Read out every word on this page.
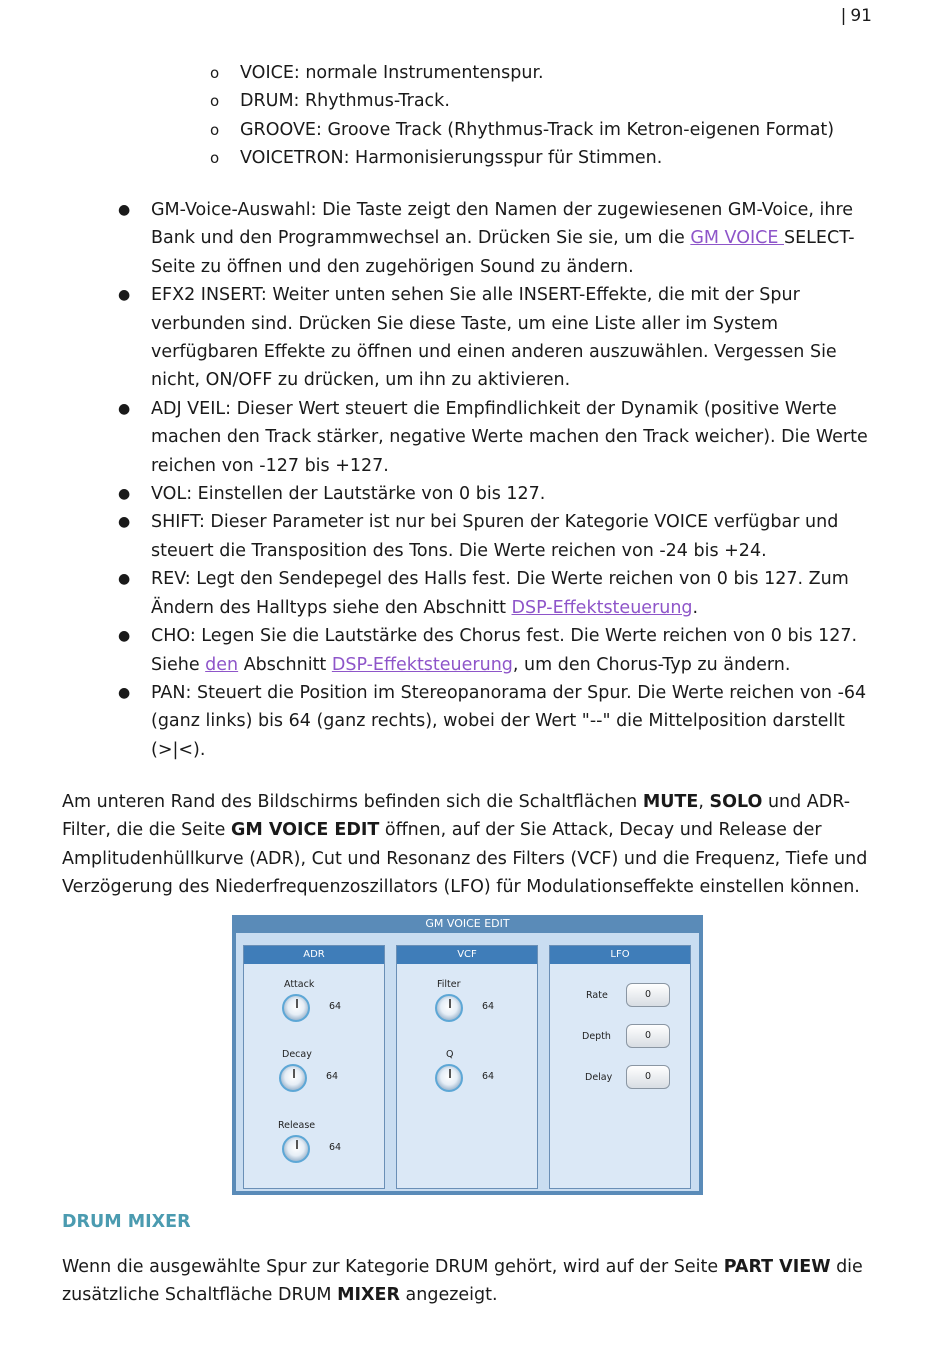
| 91
o VOICE: normale Instrumentenspur.
o DRUM: Rhythmus-Track.
o GROOVE: Groove Track (Rhythmus-Track im Ketron-eigenen Format)
o VOICETRON: Harmonisierungsspur für Stimmen.
● GM-Voice-Auswahl: Die Taste zeigt den Namen der zugewiesenen GM-Voice, ihre Bank und den Programmwechsel an. Drücken Sie sie, um die GM VOICE SELECT-Seite zu öffnen und den zugehörigen Sound zu ändern.
● EFX2 INSERT: Weiter unten sehen Sie alle INSERT-Effekte, die mit der Spur verbunden sind. Drücken Sie diese Taste, um eine Liste aller im System verfügbaren Effekte zu öffnen und einen anderen auszuwählen. Vergessen Sie nicht, ON/OFF zu drücken, um ihn zu aktivieren.
● ADJ VEIL: Dieser Wert steuert die Empfindlichkeit der Dynamik (positive Werte machen den Track stärker, negative Werte machen den Track weicher). Die Werte reichen von -127 bis +127.
● VOL: Einstellen der Lautstärke von 0 bis 127.
● SHIFT: Dieser Parameter ist nur bei Spuren der Kategorie VOICE verfügbar und steuert die Transposition des Tons. Die Werte reichen von -24 bis +24.
● REV: Legt den Sendepegel des Halls fest. Die Werte reichen von 0 bis 127. Zum Ändern des Halltyps siehe den Abschnitt DSP-Effektsteuerung.
● CHO: Legen Sie die Lautstärke des Chorus fest. Die Werte reichen von 0 bis 127. Siehe den Abschnitt DSP-Effektsteuerung, um den Chorus-Typ zu ändern.
● PAN: Steuert die Position im Stereopanorama der Spur. Die Werte reichen von -64 (ganz links) bis 64 (ganz rechts), wobei der Wert "--" die Mittelposition darstellt (>|<).

Am unteren Rand des Bildschirms befinden sich die Schaltflächen MUTE, SOLO und ADR-Filter, die die Seite GM VOICE EDIT öffnen, auf der Sie Attack, Decay und Release der Amplitudenhüllkurve (ADR), Cut und Resonanz des Filters (VCF) und die Frequenz, Tiefe und Verzögerung des Niederfrequenzoszillators (LFO) für Modulationseffekte einstellen können.

GM VOICE EDIT
ADR
Attack
64
Decay
64
Release
64
VCF
Filter
64
Q
64
LFO
Rate	0
Depth	0
Delay	0
DRUM MIXER

Wenn die ausgewählte Spur zur Kategorie DRUM gehört, wird auf der Seite PART VIEW die zusätzliche Schaltfläche DRUM MIXER angezeigt.
